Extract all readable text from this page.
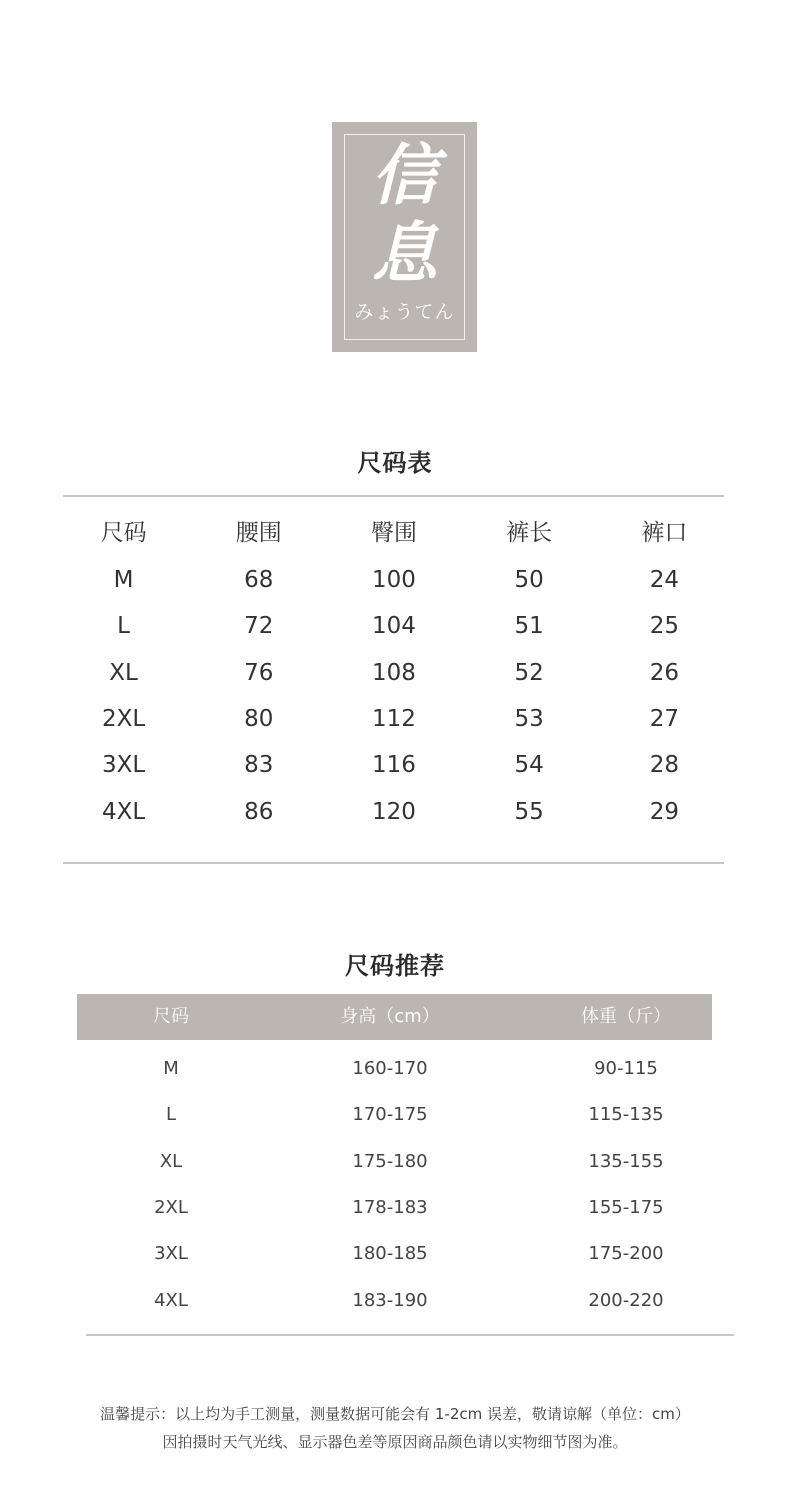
信
息
みょうてん
尺码表
尺码	腰围	臀围	裤长	裤口
M	68	100	50	24
L	72	104	51	25
XL	76	108	52	26
2XL	80	112	53	27
3XL	83	116	54	28
4XL	86	120	55	29
尺码推荐
尺码	身高（cm）	体重（斤）
M	160-170	90-115
L	170-175	115-135
XL	175-180	135-155
2XL	178-183	155-175
3XL	180-185	175-200
4XL	183-190	200-220
温馨提示：以上均为手工测量，测量数据可能会有 1-2cm 误差，敬请谅解（单位：cm）
因拍摄时天气光线、显示器色差等原因商品颜色请以实物细节图为准。
